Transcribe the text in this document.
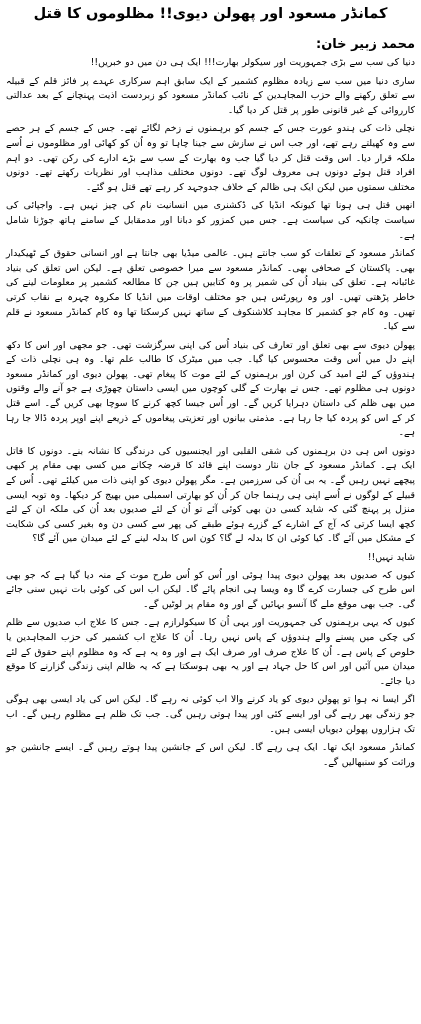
کمانڈر مسعود اور پھولن دیوی!! مظلوموں کا قتل
محمد زبیر خان:

دنیا کی سب سے بڑی جمہوریت اور سیکولر بھارت!!! ایک ہی دن میں دو خبریں!!

ساری دنیا میں سب سے زیادہ مظلوم کشمیر کے ایک سابق اہم سرکاری عہدے پر فائز قلم کے قبیلہ سے تعلق رکھنے والے حزب المجاہدین کے نائب کمانڈر مسعود کو زبردست اذیت پہنچانے کے بعد عدالتی کارروائی کے غیر قانونی طور پر قتل کر دیا گیا۔

نچلی ذات کی ہندو عورت جس کے جسم کو برہمنوں نے زخم لگائے تھے۔ جس کے جسم کے ہر حصے سے وہ کھیلتے رہے تھے، اور جب اس نے سازش سے جینا چاہا تو وہ اُن کو کھائی اور مظلوموں نے اُسے ملکہ قرار دیا۔ اس وقت قتل کر دیا گیا جب وہ بھارت کے سب سے بڑے ادارے کی رکن تھی۔ دو اہم افراد قتل ہوئے دونوں ہی معروف لوگ تھے۔ دونوں مختلف مذاہب اور نظریات رکھتے تھے۔ دونوں مختلف سمتوں میں لیکن ایک ہی ظالم کے خلاف جدوجہد کر رہے تھے قتل ہو گئے۔

انھیں قتل ہی ہونا تھا کیونکہ انڈیا کی ڈکشنری میں انسانیت نام کی چیز نہیں ہے۔ واجپائی کی سیاست چانکیہ کی سیاست ہے۔ جس میں کمزور کو دبانا اور مدمقابل کے سامنے ہاتھ جوڑنا شامل ہے۔

کمانڈر مسعود کے تعلقات کو سب جانتے ہیں۔ عالمی میڈیا بھی جانتا ہے اور انسانی حقوق کے ٹھیکیدار بھی۔ پاکستان کے صحافی بھی۔ کمانڈر مسعود سے میرا خصوصی تعلق ہے۔ لیکن اس تعلق کی بنیاد غائبانہ ہے۔ تعلق کی بنیاد اُن کی شمیر پر وہ کتابیں ہیں جن کا مطالعہ کشمیر پر معلومات لینے کی خاطر پڑھتی تھیں۔ اور وہ رپورٹس ہیں جو مختلف اوقات میں انڈیا کا مکروہ چہرہ بے نقاب کرتی تھیں۔ وہ کام جو کشمیر کا مجاہد کلاشنکوف کے ساتھ نہیں کرسکتا تھا وہ کام کمانڈر مسعود نے قلم سے کیا۔

پھولن دیوی سے بھی تعلق اور تعارف کی بنیاد اُس کی اپنی سرگزشت تھی۔ جو مجھی اور اس کا دکھ اپنے دل میں اُس وقت محسوس کیا گیا۔ جب میں میٹرک کا طالب علم تھا۔ وہ ہی نچلی ذات کے ہندوؤں کے لئے امید کی کرن اور برہمنوں کے لئے موت کا پیغام تھی۔ پھولن دیوی اور کمانڈر مسعود دونوں ہی مظلوم تھے۔ جس نے بھارت کے گلی کوچوں میں ایسی داستان چھوڑی ہے جو آنے والے وقتوں میں بھی ظلم کی داستان دہرایا کریں گے۔ اور اُس جیسا کچھ کرنے کا سوچا بھی کریں گے۔ اسے قتل کر کے اس کو پردہ کیا جا رہا ہے۔ مذمتی بیانوں اور تعزیتی پیغاموں کے ذریعے اپنے اوپر پردہ ڈالا جا رہا ہے۔

دونوں اس ہی دن برہمنوں کی شقی القلبی اور ایجنسیوں کی درندگی کا نشانہ بنے۔ دونوں کا قاتل ایک ہے۔ کمانڈر مسعود کے جان نثار دوست اپنے قائد کا قرضہ چکانے میں کسی بھی مقام پر کبھی پیچھے نہیں رہیں گے۔ یہ بی اُن کی سرزمین ہے۔ مگر پھولن دیوی کو اپنی ذات میں کیلئے تھی۔ اُس کے قبیلے کے لوگوں نے اُسے اپنی ہی رہنما جان کر اُن کو بھارتی اسمبلی میں بھیج کر دیکھا۔ وہ توبہ ایسی منزل پر پہنچ گئی کہ شاید کسی دن بھی کوئی آئے تو اُن کے لئے صدیوں بعد اُن کی ملکہ ان کے لئے کچھ ایسا کرتی کہ آج کے اشارے کے گزرے ہوئے طبقے کی پھر سے کسی دن وہ بغیر کسی کی شکایت کے مشکل میں آئے گا۔ کیا کوئی ان کا بدلہ لے گا؟ کون اس کا بدلہ لینے کے لئے میدان میں آئے گا؟

شاید نہیں!!

کیوں کہ صدیوں بعد پھولن دیوی پیدا ہوئی اور اُس کو اُس طرح موت کے منہ دیا گیا ہے کہ جو بھی اس طرح کی جسارت کرے گا وہ ویسا ہی انجام پائے گا۔ لیکن اب اس کی کوئی بات نہیں سنی جائے گی۔ جب بھی موقع ملے گا آنسو بہائیں گے اور وہ مقام پر لوٹیں گے۔

کیوں کہ یہی برہمنوں کی جمہوریت اور یہی اُن کا سیکولرازم ہے۔ جس کا علاج اب صدیوں سے ظلم کی چکی میں پسنے والے ہندوؤں کے پاس نہیں رہا۔ اُن کا علاج اب کشمیر کی حزب المجاہدین یا خلوص کے پاس ہے۔ اُن کا علاج صرف اور صرف ایک ہے اور وہ یہ ہے کہ وہ مظلوم اپنے حقوق کے لئے میدان میں آئیں اور اس کا حل جہاد ہے اور یہ بھی ہوسکتا ہے کہ یہ ظالم اپنی زندگی گزارنے کا موقع دیا جائے۔

اگر ایسا نہ ہوا تو پھولن دیوی کو یاد کرنے والا اب کوئی نہ رہے گا۔ لیکن اس کی یاد ایسی بھی ہوگی جو زندگی بھر رہے گی اور ایسے کئی اور پیدا ہوتی رہیں گی۔ جب تک ظلم ہے مظلوم رہیں گے۔ اب تک ہزاروں پھولن دیویاں ایسی ہیں۔

کمانڈر مسعود ایک تھا۔ ایک ہی رہے گا۔ لیکن اس کے جانشین پیدا ہوتے رہیں گے۔ ایسے جانشین جو وراثت کو سنبھالیں گے۔
